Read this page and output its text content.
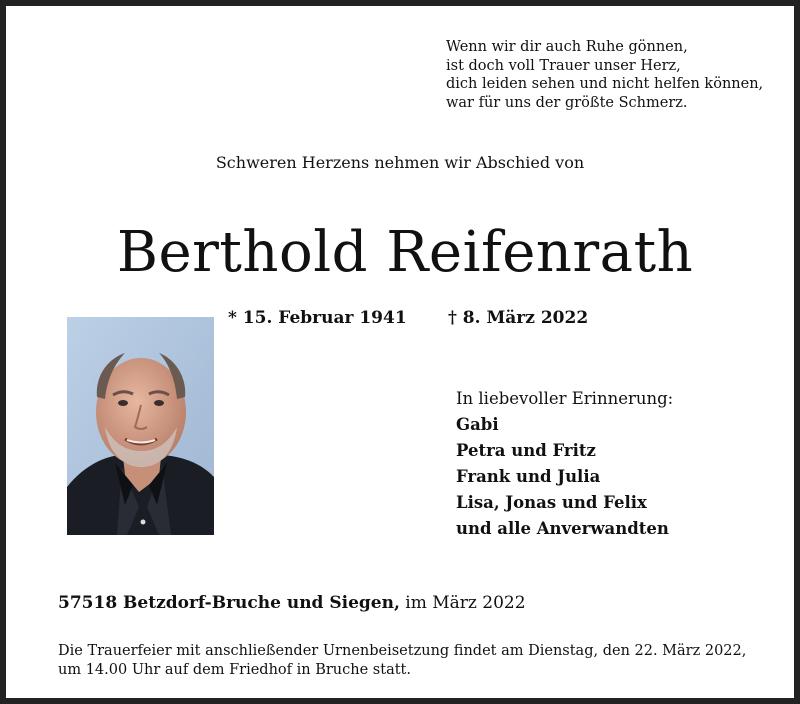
Wenn wir dir auch Ruhe gönnen,
ist doch voll Trauer unser Herz,
dich leiden sehen und nicht helfen können,
war für uns der größte Schmerz.
Schweren Herzens nehmen wir Abschied von
Berthold Reifenrath
* 15. Februar 1941 † 8. März 2022
In liebevoller Erinnerung:
Gabi
Petra und Fritz
Frank und Julia
Lisa, Jonas und Felix
und alle Anverwandten
57518 Betzdorf-Bruche und Siegen, im März 2022
Die Trauerfeier mit anschließender Urnenbeisetzung findet am Dienstag, den 22. März 2022,
um 14.00 Uhr auf dem Friedhof in Bruche statt.
